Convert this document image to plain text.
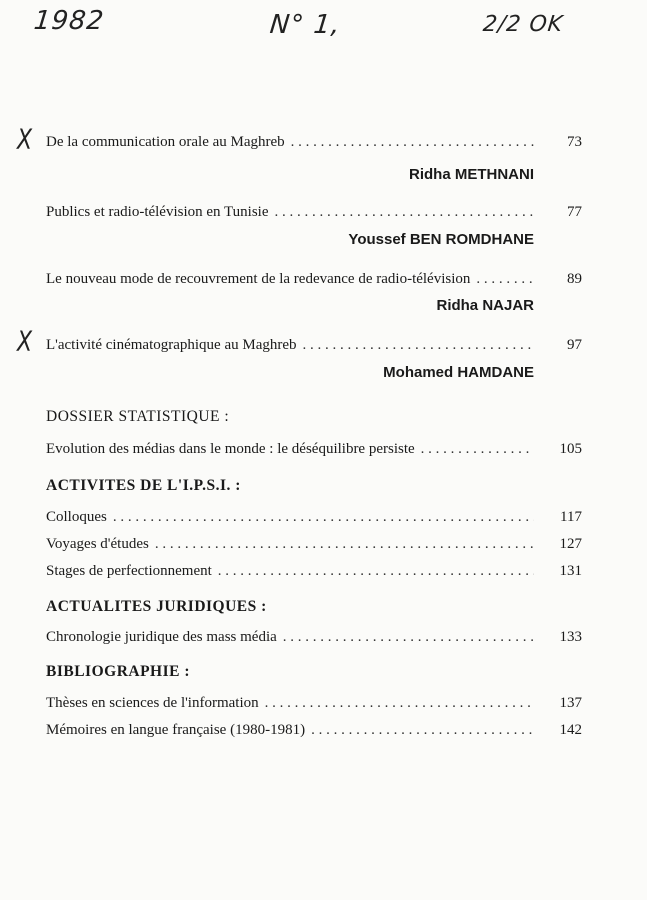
1982	N° 1,	2/2 OK
X De la communication orale au Maghreb . . .	73
Ridha METHNANI
Publics et radio-télévision en Tunisie . . .	77
Youssef BEN ROMDHANE
Le nouveau mode de recouvrement de la redevance de radio-télévision . . .	89
Ridha NAJAR
X L'activité cinématographique au Maghreb . . .	97
Mohamed HAMDANE
DOSSIER STATISTIQUE :
Evolution des médias dans le monde : le déséquilibre persiste . . .	105
ACTIVITES DE L'I.P.S.I. :
Colloques . . .	117
Voyages d'études . . .	127
Stages de perfectionnement . . .	131
ACTUALITES JURIDIQUES :
Chronologie juridique des mass média . . .	133
BIBLIOGRAPHIE :
Thèses en sciences de l'information . . .	137
Mémoires en langue française (1980-1981) . . .	142
